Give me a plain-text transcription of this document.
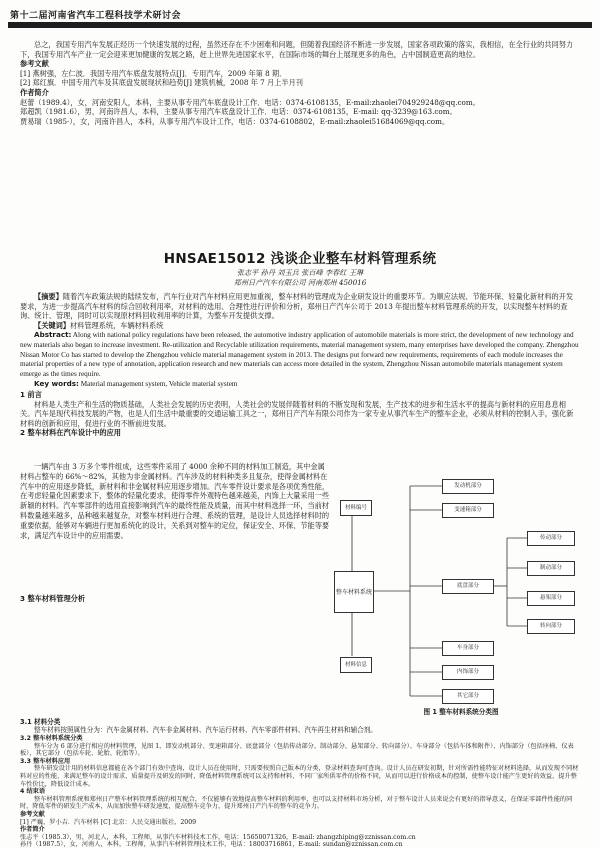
第十二届河南省汽车工程科技学术研讨会

总之，我国专用汽车发展正经历一个快速发展的过程，虽然还存在不少困难和问题，但随着我国经济不断进一步发展，国家各项政策的落实，我相信，在全行业的共同努力下，我国专用汽车产业一定会迎来更加健康的发展之路，赶上世界先进国家水平，在国际市场的舞台上展现更多的角色，占中国制造更高的地位。

参考文献

[1] 燕树强，左仁波．我国专用汽车底盘发展特点[J]．专用汽车，2009 年第 8 期．

[2] 郑红旗．中国专用汽车及其底盘发展现状和趋势[J] 建筑机械，2008 年 7 月上半月刊

作者简介

赵蕾（1989.4），女，河南安阳人，本科，主要从事专用汽车底盘设计工作．电话：0374-6108135，E-mail:zhaolei704929248@qq.com。

郑超凯（1981.6），男，河南许昌人，本科，主要从事专用汽车底盘设计工作．电话：0374-6108135，E-mail: qq-3239@163.com。

贾易瑞（1985·），女，河南许昌人，本科，从事专用汽车设计工作，电话：0374-6108802，E-mail:zhaolei51684069@qq.com。

HNSAE15012 浅谈企业整车材料管理系统
张志平 孙丹 刘玉兵 张百峰 李春红 王琳
郑州日产汽车有限公司 河南郑州 450016

【摘要】随着汽车政策法规的陆续发布，汽车行业对汽车材料应用更加重视，整车材料的管理成为企业研发设计的重要环节。为顺应法规、节能环保、轻量化新材料的开发要求，为进一步提高汽车材料的综合回收利用率，对材料的选用、合理性进行评价和分析，郑州日产汽车公司于 2013 年提出整车材料管理系统的开发，以实现整车材料的查询、统计、管理，同时可以实现原材料回收利用率的计算，为整车开发提供支撑。

【关键词】材料管理系统，车辆材料系统

Abstract: Along with national policy regulations have been released, the automotive industry application of automobile materials is more strict, the development of new technology and new materials also began to increase investment. Re-utilization and Recyclable utilization requirements, material management system, many enterprises have developed the company. Zhengzhou Nissan Motor Co has started to develop the Zhengzhou vehicle material management system in 2013. The designs put forward new requirements, requirements of each module increases the material properties of a new type of annotation, application research and new materials can access more detailed in the system, Zhengzhou Nissan automobile materials management system emerge as the times require.

Key words: Material management system, Vehicle material system

1 前言

材料是人类生产和生活的物质基础，人类社会发展的历史表明，人类社会的发展伴随着材料的不断发现和发展，生产技术的进步和生活水平的提高与新材料的应用息息相关。汽车是现代科技发展的产物，也是人们生活中最重要的交通运输工具之一，郑州日产汽车有限公司作为一家专业从事汽车生产的整车企业，必须从材料的控制入手，强化新材料的创新和应用，促进行业的不断前进发展。

2 整车材料在汽车设计中的应用

一辆汽车由 3 万多个零件组成，这些零件采用了 4000 余种不同的材料加工制造，其中金属材料占整车的 66%～82%，其他为非金属材料。汽车涉及的材料种类多且复杂，使得金属材料在汽车中的应用逐步降低，新材料和非金属材料应用逐步增加。汽车零件设计要求是各项优秀性能，在考虑轻量化因素要求下，整体的轻量化要求，使得零件外观特色越来越美，内饰上大量采用一些新颖的材料。汽车零部件的选用直接影响到汽车的最终性能及质量，而其中材料选择一环，当前材料数量越来越多，品种越来越复杂，对整车材料进行合理、系统的管理，是设计人员选择材料时的重要依据，能够对车辆进行更加系统化的设计，关系到对整车的定位，保证安全、环保、节能等要求，满足汽车设计中的应用需要。

材料编号
整车材料系统
材料信息
发动机部分
变速箱部分
底盘部分
传动部分
制动部分
悬架部分
转向部分
车身部分
内饰部分
其它部分
图 1 整车材料系统分类图

3 整车材料管理分析

3.1 材料分类

整车材料按照属性分为：汽车金属材料、汽车非金属材料、汽车运行材料、汽车零部件材料、汽车再生材料和辅合剂。

3.2 整车材料系统分类

整车分为 6 部分进行相应的材料管理，见图 1，即发动机部分、变速箱部分、底盘部分（包括传动部分、制动部分、悬架部分、转向部分）、车身部分（包括车体和附件）、内饰部分（包括座椅、仪表板），其它部分（包括车轮、轮胎、轮胎等）。

3.3 整车材料应用

整车研发设计用的材料信息都能在各个部门有效中查询，设计人员在使用时，只需要按照自己版本的分类，登录材料查询可查询。设计人员在研发初期，针对所需性能特征对材料选择，从而发现不同材料对应的性能，来满足整车的设计需求、质量提升及研发的同时，降低材料管理系统可以支持和材料，不同厂家所供零件的价格不同，从而可以进行价格成本的控制，使整车设计能产生更好的效益，提升整车性价比，降低设计成本。

4 结束语

整车材料管理系统和郑州日产整车材料管理系统的相互配合，不仅能够有效地提高整车材料的利用率，也可以支持材料市场分析，对于整车设计人员来说会有更好的指导意义，在保证零部件性能的同时，降低零件的研发生产成本，从而加快整车研发速度，提高整车竞争力，提升郑州日产汽车的整车的竞争力。

参考文献

[1] 严巍，罗小吉．汽车材料 [C] 北京：人民交通出版社，2009

作者简介

张志平（1985.3），男，河北人，本科，工程师，从事汽车材料技术工作，电话：15650071326，E-mail: zhangzhiping@zznissan.com.cn

孙丹（1987.5），女，河南人，本科，工程师，从事汽车材料管理技术工作，电话：18003716861，E-mail: sundan@zznissan.com.cn
